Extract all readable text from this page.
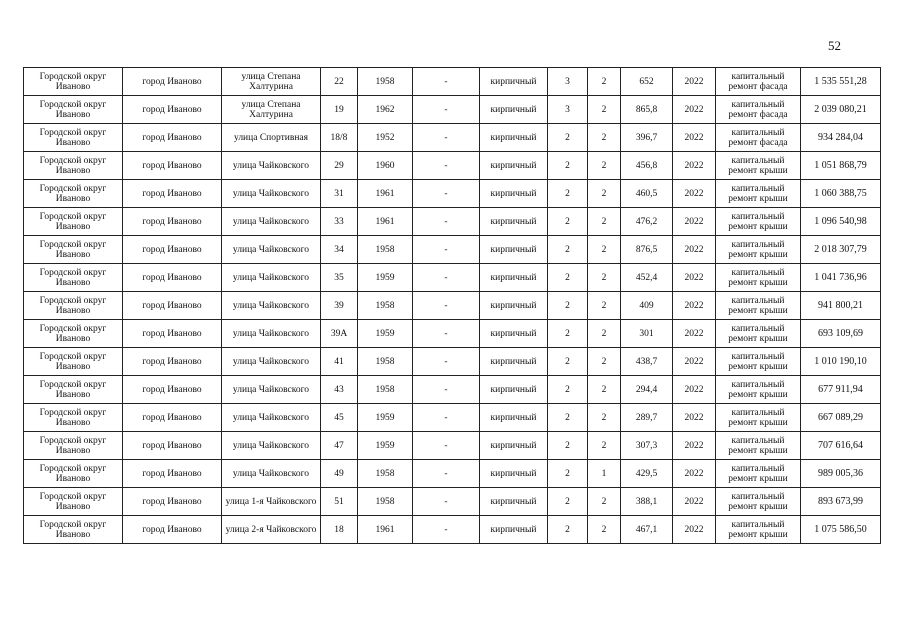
52
Городской округ Иваново	город Иваново	улица Степана Халтурина	22	1958	-	кирпичный	3	2	652	2022	капитальный ремонт фасада	1 535 551,28
Городской округ Иваново	город Иваново	улица Степана Халтурина	19	1962	-	кирпичный	3	2	865,8	2022	капитальный ремонт фасада	2 039 080,21
Городской округ Иваново	город Иваново	улица Спортивная	18/8	1952	-	кирпичный	2	2	396,7	2022	капитальный ремонт фасада	934 284,04
Городской округ Иваново	город Иваново	улица Чайковского	29	1960	-	кирпичный	2	2	456,8	2022	капитальный ремонт крыши	1 051 868,79
Городской округ Иваново	город Иваново	улица Чайковского	31	1961	-	кирпичный	2	2	460,5	2022	капитальный ремонт крыши	1 060 388,75
Городской округ Иваново	город Иваново	улица Чайковского	33	1961	-	кирпичный	2	2	476,2	2022	капитальный ремонт крыши	1 096 540,98
Городской округ Иваново	город Иваново	улица Чайковского	34	1958	-	кирпичный	2	2	876,5	2022	капитальный ремонт крыши	2 018 307,79
Городской округ Иваново	город Иваново	улица Чайковского	35	1959	-	кирпичный	2	2	452,4	2022	капитальный ремонт крыши	1 041 736,96
Городской округ Иваново	город Иваново	улица Чайковского	39	1958	-	кирпичный	2	2	409	2022	капитальный ремонт крыши	941 800,21
Городской округ Иваново	город Иваново	улица Чайковского	39А	1959	-	кирпичный	2	2	301	2022	капитальный ремонт крыши	693 109,69
Городской округ Иваново	город Иваново	улица Чайковского	41	1958	-	кирпичный	2	2	438,7	2022	капитальный ремонт крыши	1 010 190,10
Городской округ Иваново	город Иваново	улица Чайковского	43	1958	-	кирпичный	2	2	294,4	2022	капитальный ремонт крыши	677 911,94
Городской округ Иваново	город Иваново	улица Чайковского	45	1959	-	кирпичный	2	2	289,7	2022	капитальный ремонт крыши	667 089,29
Городской округ Иваново	город Иваново	улица Чайковского	47	1959	-	кирпичный	2	2	307,3	2022	капитальный ремонт крыши	707 616,64
Городской округ Иваново	город Иваново	улица Чайковского	49	1958	-	кирпичный	2	1	429,5	2022	капитальный ремонт крыши	989 005,36
Городской округ Иваново	город Иваново	улица 1-я Чайковского	51	1958	-	кирпичный	2	2	388,1	2022	капитальный ремонт крыши	893 673,99
Городской округ Иваново	город Иваново	улица 2-я Чайковского	18	1961	-	кирпичный	2	2	467,1	2022	капитальный ремонт крыши	1 075 586,50
